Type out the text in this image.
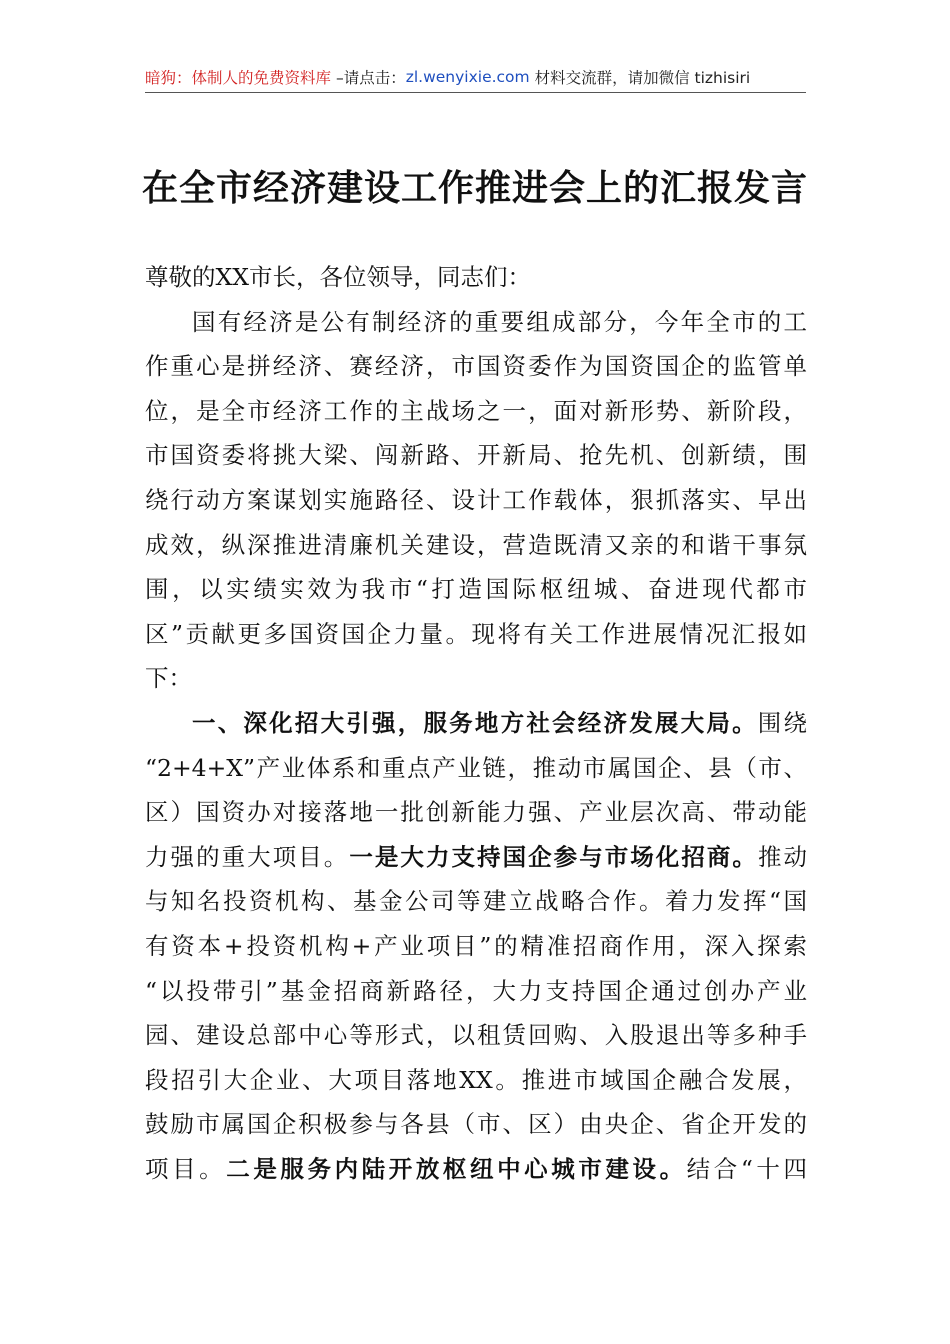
暗狗：体制人的免费资料库 –请点击：zl.wenyixie.com 材料交流群，请加微信 tizhisiri
在全市经济建设工作推进会上的汇报发言
尊敬的XX市长，各位领导，同志们：
国有经济是公有制经济的重要组成部分，今年全市的工
作重心是拼经济、赛经济，市国资委作为国资国企的监管单
位，是全市经济工作的主战场之一，面对新形势、新阶段，
市国资委将挑大梁、闯新路、开新局、抢先机、创新绩，围
绕行动方案谋划实施路径、设计工作载体，狠抓落实、早出
成效，纵深推进清廉机关建设，营造既清又亲的和谐干事氛
围，以实绩实效为我市“打造国际枢纽城、奋进现代都市
区”贡献更多国资国企力量。现将有关工作进展情况汇报如
下：
一、深化招大引强，服务地方社会经济发展大局。围绕
“2+4+X”产业体系和重点产业链，推动市属国企、县（市、
区）国资办对接落地一批创新能力强、产业层次高、带动能
力强的重大项目。一是大力支持国企参与市场化招商。推动
与知名投资机构、基金公司等建立战略合作。着力发挥“国
有资本+投资机构+产业项目”的精准招商作用，深入探索
“以投带引”基金招商新路径，大力支持国企通过创办产业
园、建设总部中心等形式，以租赁回购、入股退出等多种手
段招引大企业、大项目落地XX。推进市域国企融合发展，
鼓励市属国企积极参与各县（市、区）由央企、省企开发的
项目。二是服务内陆开放枢纽中心城市建设。结合“十四
